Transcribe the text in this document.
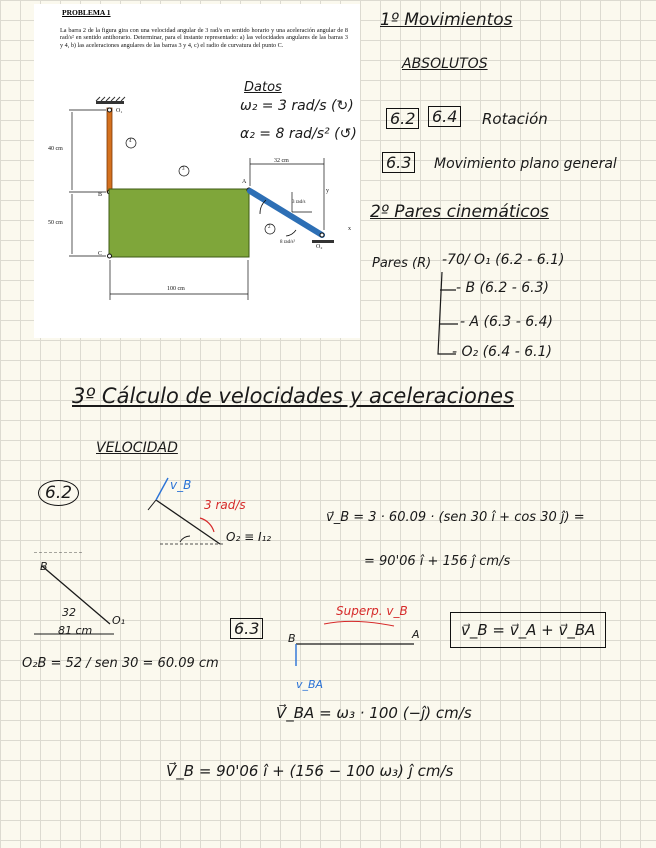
PROBLEMA 1
La barra 2 de la figura gira con una velocidad angular de 3 rad/s en sentido horario y una aceleración angular de 8 rad/s² en sentido antihorario. Determinar, para el instante representado: a) las velocidades angulares de las barras 3 y 4, b) las aceleraciones angulares de las barras 3 y 4, c) el radio de curvatura del punto C.
40 cm
50 cm
32 cm
100 cm
B
C
A
O₁
O₂
4
3
2
y
x
3 rad/s
8 rad/s²
Datos
ω₂ = 3 rad/s (↻)
α₂ = 8 rad/s² (↺)
1º Movimientos
ABSOLUTOS
6.2 6.4 Rotación
6.3 Movimiento plano general
2º Pares cinemáticos
Pares (R) -70/ O₁ (6.2 - 6.1)
- B (6.2 - 6.3)
- A (6.3 - 6.4)
- O₂ (6.4 - 6.1)
3º Cálculo de velocidades y aceleraciones
VELOCIDAD
6.2	v_B
3 rad/s
O₂ ≡ I₁₂
v⃗_B = 3 · 60.09 · (sen 30 î + cos 30 ĵ) =
= 90'06 î + 156 ĵ cm/s
B
32
81 cm
O₁
O₂B = 52 / sen 30 = 60.09 cm
6.3
B	A
Superp. v_B
v_BA
v⃗_B = v⃗_A + v⃗_BA
V⃗_BA = ω₃ · 100 (−ĵ) cm/s
V⃗_B = 90'06 î + (156 − 100 ω₃) ĵ cm/s
